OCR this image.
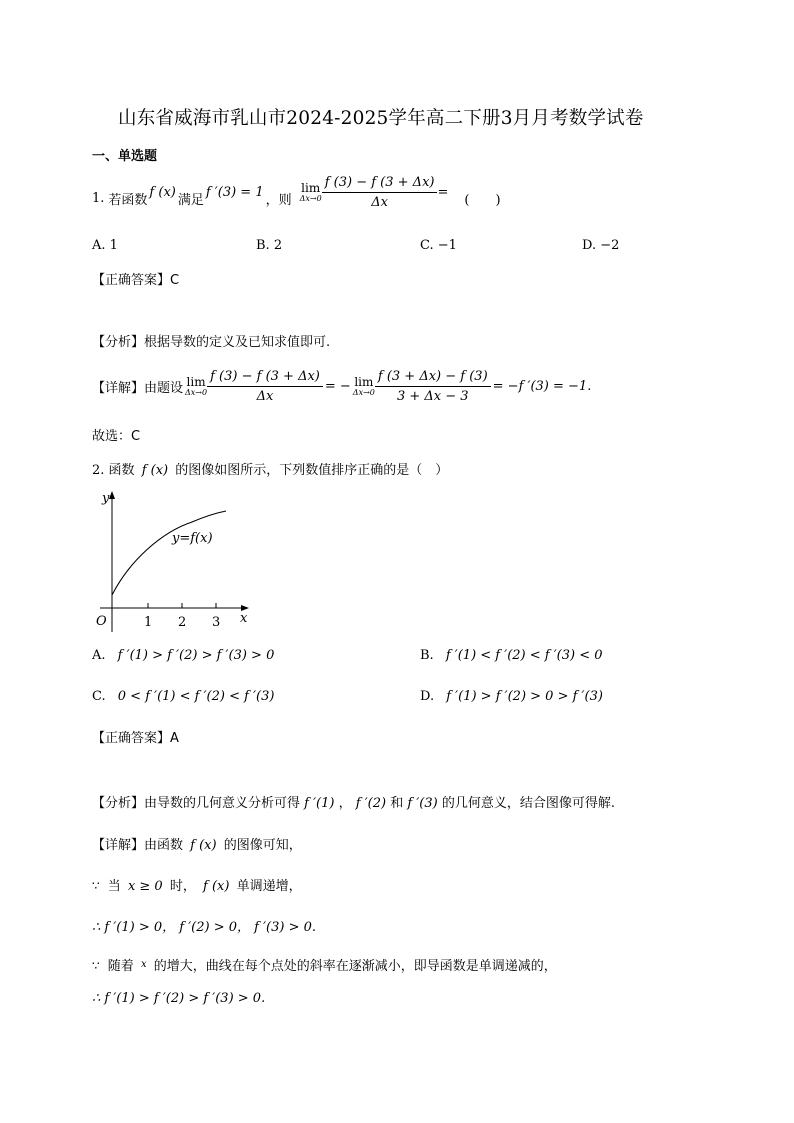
山东省威海市乳山市2024-2025学年高二下册3月月考数学试卷
一、单选题
1. 若函数
f (x)
满足
f ′(3) = 1
，则
lim
$\Delta x\to 0 \frac{f (3) - f (3 + \Delta x)}{\Delta x}$ =
(　　)
A. 1	B. 2	C. −1	D. −2
【正确答案】C
【分析】根据导数的定义及已知求值即可.
【详解】由题设 lim
$\Delta x\to 0 \frac{f (3) - f (3 + \Delta x)}{\Delta x}$ = − lim
$\Delta x\to 0 \frac{f (3 + \Delta x) - f (3)}{3 + \Delta x - 3} = -f$ ′(3) = −1.
故选：C
2. 函数 f (x) 的图像如图所示，下列数值排序正确的是（　）
y
x
O	1 2 3
y=f(x)
A. f ′(1) > f ′(2) > f ′(3) > 0	B. f ′(1) < f ′(2) < f ′(3) < 0
C. 0 < f ′(1) < f ′(2) < f ′(3)	D. f ′(1) > f ′(2) > 0 > f ′(3)
【正确答案】A
【分析】由导数的几何意义分析可得 f ′(1) ， f ′(2) 和 f ′(3) 的几何意义，结合图像可得解.
【详解】由函数 f (x) 的图像可知，
∵ 当 x ≥ 0 时， f (x) 单调递增，
∴ f ′(1) > 0， f ′(2) > 0， f ′(3) > 0.
∵ 随着 $^x$ 的增大，曲线在每个点处的斜率在逐渐减小，即导函数是单调递减的，
∴ f ′(1) > f ′(2) > f ′(3) > 0.
